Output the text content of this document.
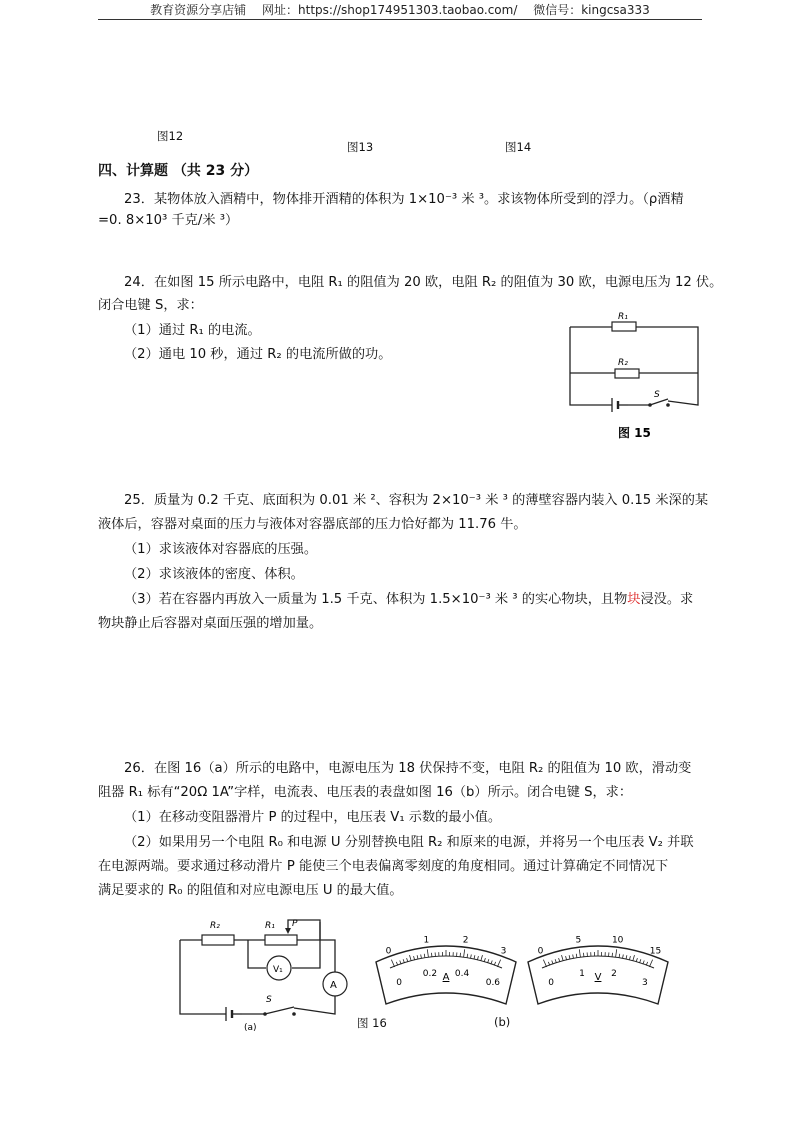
教育资源分享店铺 网址：https://shop174951303.taobao.com/ 微信号：kingcsa333
图12
图13	图14
四、计算题 （共 23 分）
23．某物体放入酒精中，物体排开酒精的体积为 1×10⁻³ 米 ³。求该物体所受到的浮力。（ρ酒精
=0. 8×10³ 千克/米 ³）
24．在如图 15 所示电路中，电阻 R₁ 的阻值为 20 欧，电阻 R₂ 的阻值为 30 欧，电源电压为 12 伏。
闭合电键 S，求：
（1）通过 R₁ 的电流。
（2）通电 10 秒，通过 R₂ 的电流所做的功。
R₁
R₂
S
图 15
25．质量为 0.2 千克、底面积为 0.01 米 ²、容积为 2×10⁻³ 米 ³ 的薄壁容器内装入 0.15 米深的某
液体后，容器对桌面的压力与液体对容器底部的压力恰好都为 11.76 牛。
（1）求该液体对容器底的压强。
（2）求该液体的密度、体积。
（3）若在容器内再放入一质量为 1.5 千克、体积为 1.5×10⁻³ 米 ³ 的实心物块，且物块浸没。求
物块静止后容器对桌面压强的增加量。
26．在图 16（a）所示的电路中，电源电压为 18 伏保持不变，电阻 R₂ 的阻值为 10 欧，滑动变
阻器 R₁ 标有“20Ω 1A”字样，电流表、电压表的表盘如图 16（b）所示。闭合电键 S，求：
（1）在移动变阻器滑片 P 的过程中，电压表 V₁ 示数的最小值。
（2）如果用另一个电阻 R₀ 和电源 U 分别替换电阻 R₂ 和原来的电源，并将另一个电压表 V₂ 并联
在电源两端。要求通过移动滑片 P 能使三个电表偏离零刻度的角度相同。通过计算确定不同情况下
满足要求的 R₀ 的阻值和对应电源电压 U 的最大值。
R₂	R₁ P
V₁
A
S
(a)	图 16	(b)
0
1	2
3
0
0.2 0.4
0.6
A
0
5	10
15
0
1	2
3
V
